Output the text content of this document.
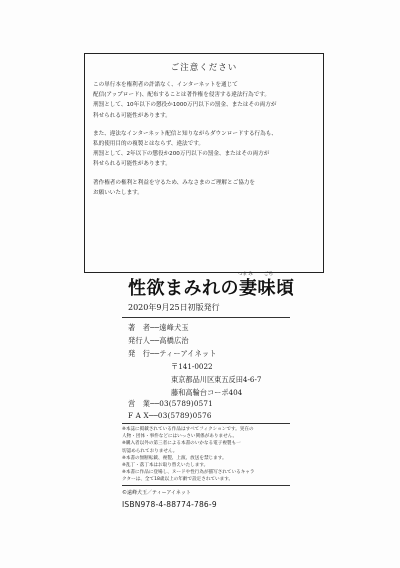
ご注意ください

この単行本を権利者の許諾なく、インターネットを通じて
配信(アップロード)、配布することは著作権を侵害する違法行為です。
刑罰として、10年以下の懲役か1000万円以下の罰金、またはその両方が
科せられる可能性があります。

また、違法なインターネット配信と知りながらダウンロードする行為も、
私的使用目的の複製とはならず、違法です。
刑罰として、2年以下の懲役か200万円以下の罰金、またはその両方が
科せられる可能性があります。

著作権者の権利と利益を守るため、みなさまのご理解とご協力を
お願いいたします。

つま み ごろ
性欲まみれの妻味頃
2020年9月25日初版発行
著　者──遠峰犬玉
発行人──高橋広治
発　行──ティーアイネット
〒141-0022
東京都品川区東五反田4-6-7
藤和高輪台コーポ404
営　業──03(5789)0571
F A X──03(5789)0576
※本誌に掲載されている作品はすべてフィクションです。実在の
人物・団体・事件などにはいっさい関係がありません。
※購入者以外の第三者による本書のいかなる電子複製も一
切認められておりません。
※本書の無断転載、複製、上演、放送を禁じます。
※乱丁・落丁本はお取り替えいたします。
※本書に作品に登場し、ヌードや性行為が描写されているキャラ
クターは、全て18歳以上の年齢で設定されています。
©遠峰犬玉／ティーアイネット
ISBN978-4-88774-786-9
